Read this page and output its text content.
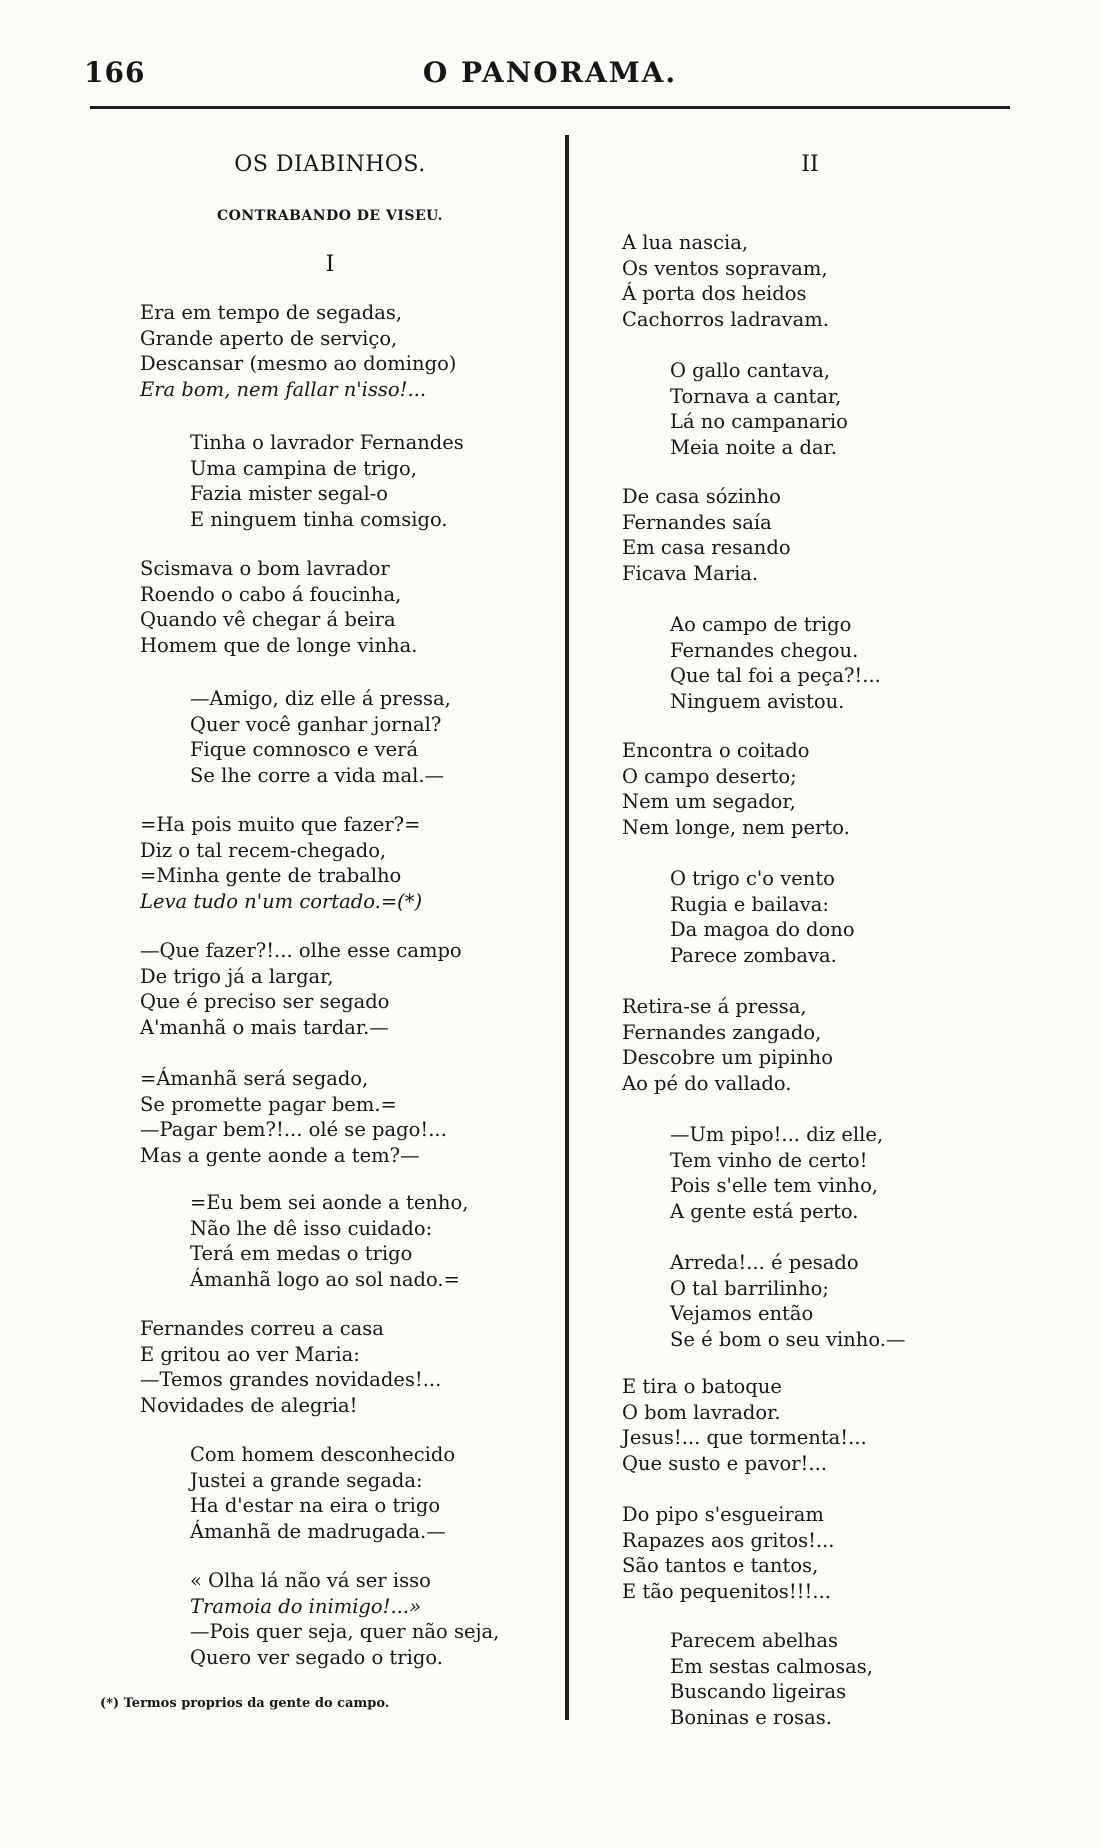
166	O PANORAMA.
OS DIABINHOS.
CONTRABANDO DE VISEU.
I
Era em tempo de segadas,
Grande aperto de serviço,
Descansar (mesmo ao domingo)
Era bom, nem fallar n'isso!...
Tinha o lavrador Fernandes
Uma campina de trigo,
Fazia mister segal-o
E ninguem tinha comsigo.
Scismava o bom lavrador
Roendo o cabo á foucinha,
Quando vê chegar á beira
Homem que de longe vinha.
—Amigo, diz elle á pressa,
Quer você ganhar jornal?
Fique comnosco e verá
Se lhe corre a vida mal.—
=Ha pois muito que fazer?=
Diz o tal recem-chegado,
=Minha gente de trabalho
Leva tudo n'um cortado.=(*)
—Que fazer?!... olhe esse campo
De trigo já a largar,
Que é preciso ser segado
A'manhã o mais tardar.—
=Ámanhã será segado,
Se promette pagar bem.=
—Pagar bem?!... olé se pago!...
Mas a gente aonde a tem?—
=Eu bem sei aonde a tenho,
Não lhe dê isso cuidado:
Terá em medas o trigo
Ámanhã logo ao sol nado.=
Fernandes correu a casa
E gritou ao ver Maria:
—Temos grandes novidades!...
Novidades de alegria!
Com homem desconhecido
Justei a grande segada:
Ha d'estar na eira o trigo
Ámanhã de madrugada.—
« Olha lá não vá ser isso
Tramoia do inimigo!...»
—Pois quer seja, quer não seja,
Quero ver segado o trigo.
II
A lua nascia,
Os ventos sopravam,
Á porta dos heidos
Cachorros ladravam.
O gallo cantava,
Tornava a cantar,
Lá no campanario
Meia noite a dar.
De casa sózinho
Fernandes saía
Em casa resando
Ficava Maria.
Ao campo de trigo
Fernandes chegou.
Que tal foi a peça?!...
Ninguem avistou.
Encontra o coitado
O campo deserto;
Nem um segador,
Nem longe, nem perto.
O trigo c'o vento
Rugia e bailava:
Da magoa do dono
Parece zombava.
Retira-se á pressa,
Fernandes zangado,
Descobre um pipinho
Ao pé do vallado.
—Um pipo!... diz elle,
Tem vinho de certo!
Pois s'elle tem vinho,
A gente está perto.
Arreda!... é pesado
O tal barrilinho;
Vejamos então
Se é bom o seu vinho.—
E tira o batoque
O bom lavrador.
Jesus!... que tormenta!...
Que susto e pavor!...
Do pipo s'esgueiram
Rapazes aos gritos!...
São tantos e tantos,
E tão pequenitos!!!...
Parecem abelhas
Em sestas calmosas,
Buscando ligeiras
Boninas e rosas.
(*) Termos proprios da gente do campo.
